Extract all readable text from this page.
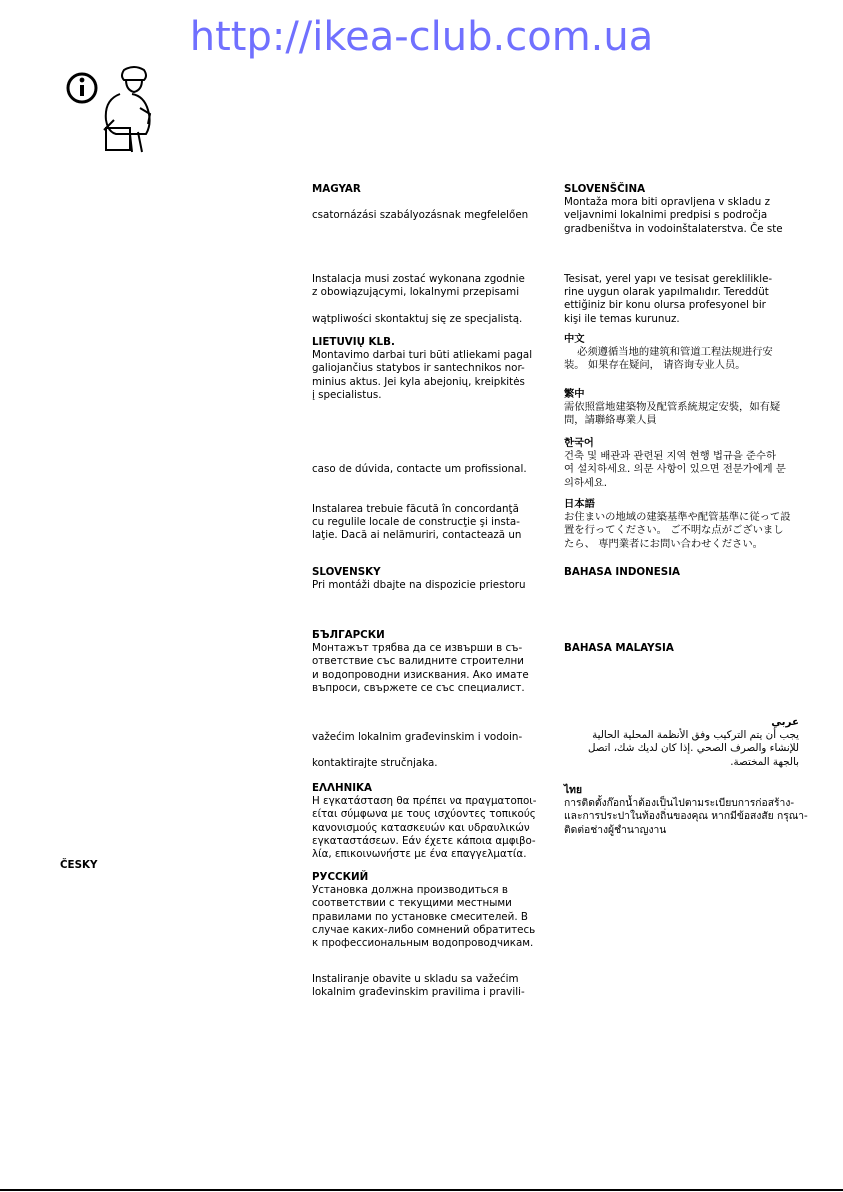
http://ikea-club.com.ua
ČESKY
MAGYAR

csatornázási szabályozásnak megfelelően
Instalacja musi zostać wykonana zgodnie
z obowiązującymi, lokalnymi przepisami

wątpliwości skontaktuj się ze specjalistą.
LIETUVIŲ KLB.
Montavimo darbai turi būti atliekami pagal
galiojančius statybos ir santechnikos nor-
minius aktus. Jei kyla abejonių, kreipkitės
į specialistus.
caso de dúvida, contacte um profissional.
Instalarea trebuie făcută în concordanţă
cu regulile locale de construcţie şi insta-
laţie. Dacă ai nelămuriri, contactează un
SLOVENSKY
Pri montáži dbajte na dispozicie priestoru
БЪЛГАРСКИ
Монтажът трябва да се извърши в съ-
ответствие със валидните строителни
и водопроводни изисквания. Ако имате
въпроси, свържете се със специалист.
važećim lokalnim građevinskim i vodoin-

kontaktirajte stručnjaka.
ΕΛΛΗΝΙΚΑ
Η εγκατάσταση θα πρέπει να πραγματοποι-
είται σύμφωνα με τους ισχύοντες τοπικούς
κανονισμούς κατασκευών και υδραυλικών
εγκαταστάσεων. Εάν έχετε κάποια αμφιβο-
λία, επικοινωνήστε με ένα επαγγελματία.
РУССКИЙ
Установка должна производиться в
соответствии с текущими местными
правилами по установке смесителей. В
случае каких-либо сомнений обратитесь
к профессиональным водопроводчикам.
Instaliranje obavite u skladu sa važećim
lokalnim građevinskim pravilima i pravili-
SLOVENŠČINA
Montaža mora biti opravljena v skladu z
veljavnimi lokalnimi predpisi s področja
gradbeništva in vodoinštalaterstva. Če ste
Tesisat, yerel yapı ve tesisat gereklilikle-
rine uygun olarak yapılmalıdır. Tereddüt
ettiğiniz bir konu olursa profesyonel bir
kişi ile temas kurunuz.
中文
必须遵循当地的建筑和管道工程法规进行安
装。 如果存在疑问， 请咨询专业人员。
繁中
需依照當地建築物及配管系統規定安裝，如有疑
問，請聯絡專業人員
한국어
건축 및 배관과 관련된 지역 현행 법규을 준수하
여 설치하세요. 의문 사항이 있으면 전문가에게 문
의하세요.
日本語
お住まいの地域の建築基準や配管基準に従って設
置を行ってください。 ご不明な点がございまし
たら、 専門業者にお問い合わせください。
BAHASA INDONESIA
BAHASA MALAYSIA
عربي
يجب أن يتم التركيب وفق الأنظمة المحلية الحالية
للإنشاء والصرف الصحي .إذا كان لديك شك، اتصل
بالجهة المختصة.
ไทย
การติดตั้งก๊อกน้ำต้องเป็นไปตามระเบียบการก่อสร้าง-
และการประปาในท้องถิ่นของคุณ หากมีข้อสงสัย กรุณา-
ติดต่อช่างผู้ชำนาญงาน
